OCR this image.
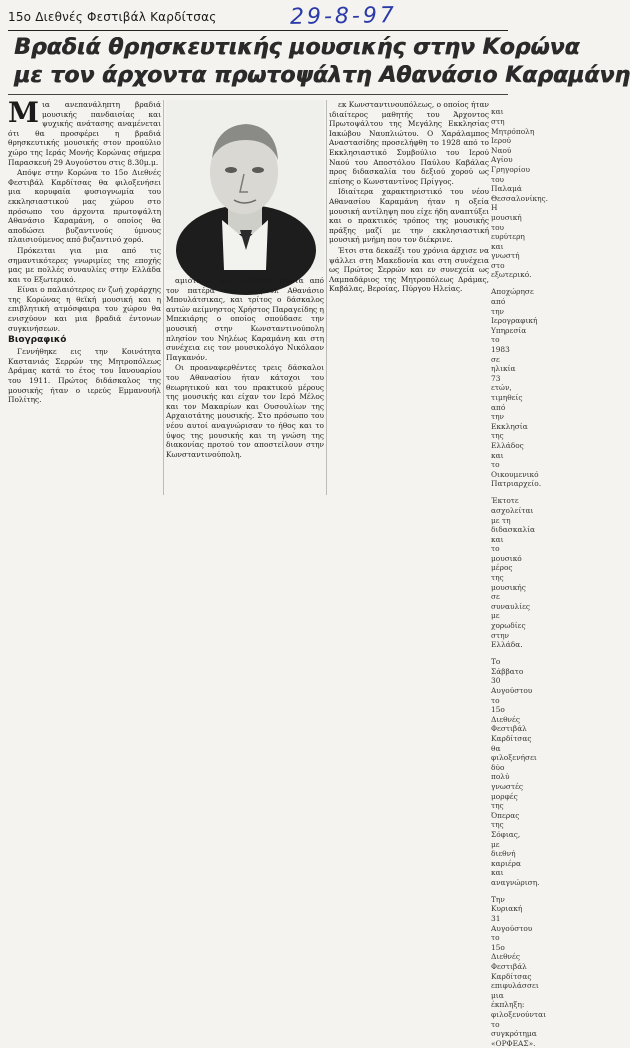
15ο Διεθνές Φεστιβάλ Καρδίτσας	29-8-97
Βραδιά θρησκευτικής μουσικής στην Κορώνα
με τον άρχοντα πρωτοψάλτη Αθανάσιο Καραμάνη

Μια ανεπανάληπτη βραδιά μουσικής πανδαισίας και ψυχικής ανάτασης αναμένεται ότι θα προσφέρει η βραδιά θρησκευτικής μουσικής στον προαύλιο χώρο της Ιεράς Μονής Κορώνας σήμερα Παρασκευή 29 Αυγούστου στις 8.30μ.μ.

Απόψε στην Κορώνα το 15ο Διεθνές Φεστιβάλ Καρδίτσας θα φιλοξενήσει μια κορυφαία φυσιογνωμία του εκκλησιαστικού μας χώρου στο πρόσωπο του άρχοντα πρωτοψάλτη Αθανάσιο Καραμάνη, ο οποίος θα αποδώσει βυζαντινούς ύμνους πλαισιούμενος από βυζαντινό χορό.

Πρόκειται για μια από τις σημαντικότερες γνωριμίες της εποχής μας με πολλές συναυλίες στην Ελλάδα και το Εξωτερικό.

Είναι ο παλαιότερος εν ζωή χοράρχης της Κορώνας η θεϊκή μουσική και η επιβλητική ατμόσφαιρα του χώρου θα ενισχύουν και μια βραδιά έντονων συγκινήσεων.

Βιογραφικό

Γεννήθηκε εις την Κοινότητα Καστανιάς Σερρών της Μητροπόλεως Δράμας κατά το έτος του Ιανουαρίου του 1911. Πρώτος διδάσκαλος της μουσικής ήταν ο ιερεύς Εμμανουήλ Πολίτης.

αμιότατος και εκδόθηκε πρώτα από τον πατέρα του, Σερβούλ Αθανάσιο Μπουλάτσικας, και τρίτος ο δάσκαλος αυτών αείμνηστος Χρήστος Παραγείδης η Μπεκιάρης ο οποίος σπούδασε την μουσική στην Κωνσταντινούπολη πλησίον του Νηλέως Καραμάνη και στη συνέχεια εις τον μουσικολόγο Νικόλαον Παγκανόν.

Οι προαναφερθέντες τρεις δάσκαλοι του Αθανασίου ήταν κάτοχοι του θεωρητικού και του πρακτικού μέρους της μουσικής και είχαν τον Ιερό Μέλος και τον Μακαρίων και Ουσουλίων της Αρχαιοτάτης μουσικής. Στο πρόσωπο του νέου αυτοί αναγνώρισαν το ήθος και το ύψος της μουσικής και τη γνώση της διακονίας προτού τον αποστείλουν στην Κωνσταντινούπολη.

εκ Κωνσταντινουπόλεως, ο οποίος ήταν ιδιαίτερος μαθητής του Άρχοντος Πρωτοψάλτου της Μεγάλης Εκκλησίας Ιακώβου Ναυπλιώτου. Ο Χαράλαμπος Αναστασίδης προσελήφθη το 1928 από το Εκκλησιαστικό Συμβούλιο του Ιερού Ναού του Αποστόλου Παύλου Καβάλας προς διδασκαλία του δεξιού χορού ως επίσης ο Κωνσταντίνος Πρίγγος.

Ιδιαίτερα χαρακτηριστικό του νέου Αθανασίου Καραμάνη ήταν η οξεία μουσική αντίληψη που είχε ήδη αναπτύξει και ο πρακτικός τρόπος της μουσικής πράξης μαζί με την εκκλησιαστική μουσική μνήμη που τον διέκρινε.

Έτσι στα δεκαέξι του χρόνια άρχισε να ψάλλει στη Μακεδονία και στη συνέχεια ως Πρώτος Σερρών και εν συνεχεία ως Λαμπαδάριος της Μητροπόλεως Δράμας, Καβάλας, Βεροίας, Πύργου Ηλείας.

και στη Μητρόπολη Ιερού Ναού Αγίου Γρηγορίου του Παλαμά Θεσσαλονίκης. Η μουσική του ευρύτερη και γνωστή στο εξωτερικό.

Αποχώρησε από την Ιερογραφική Υπηρεσία το 1983 σε ηλικία 73 ετών, τιμηθείς από την Εκκλησία της Ελλάδος και το Οικουμενικό Πατριαρχείο.

Έκτοτε ασχολείται με τη διδασκαλία και το μουσικό μέρος της μουσικής σε συναυλίες με χορωδίες στην Ελλάδα.

Το Σάββατο 30 Αυγούστου το 15ο Διεθνές Φεστιβάλ Καρδίτσας θα φιλοξενήσει δύο πολύ γνωστές μορφές της Όπερας της Σόφιας, με διεθνή καριέρα και αναγνώριση.

Την Κυριακή 31 Αυγούστου το 15ο Διεθνές Φεστιβάλ Καρδίτσας επιφυλάσσει μια έκπληξη: φιλοξενούνται το συγκρότημα «ΟΡΦΕΑΣ».
